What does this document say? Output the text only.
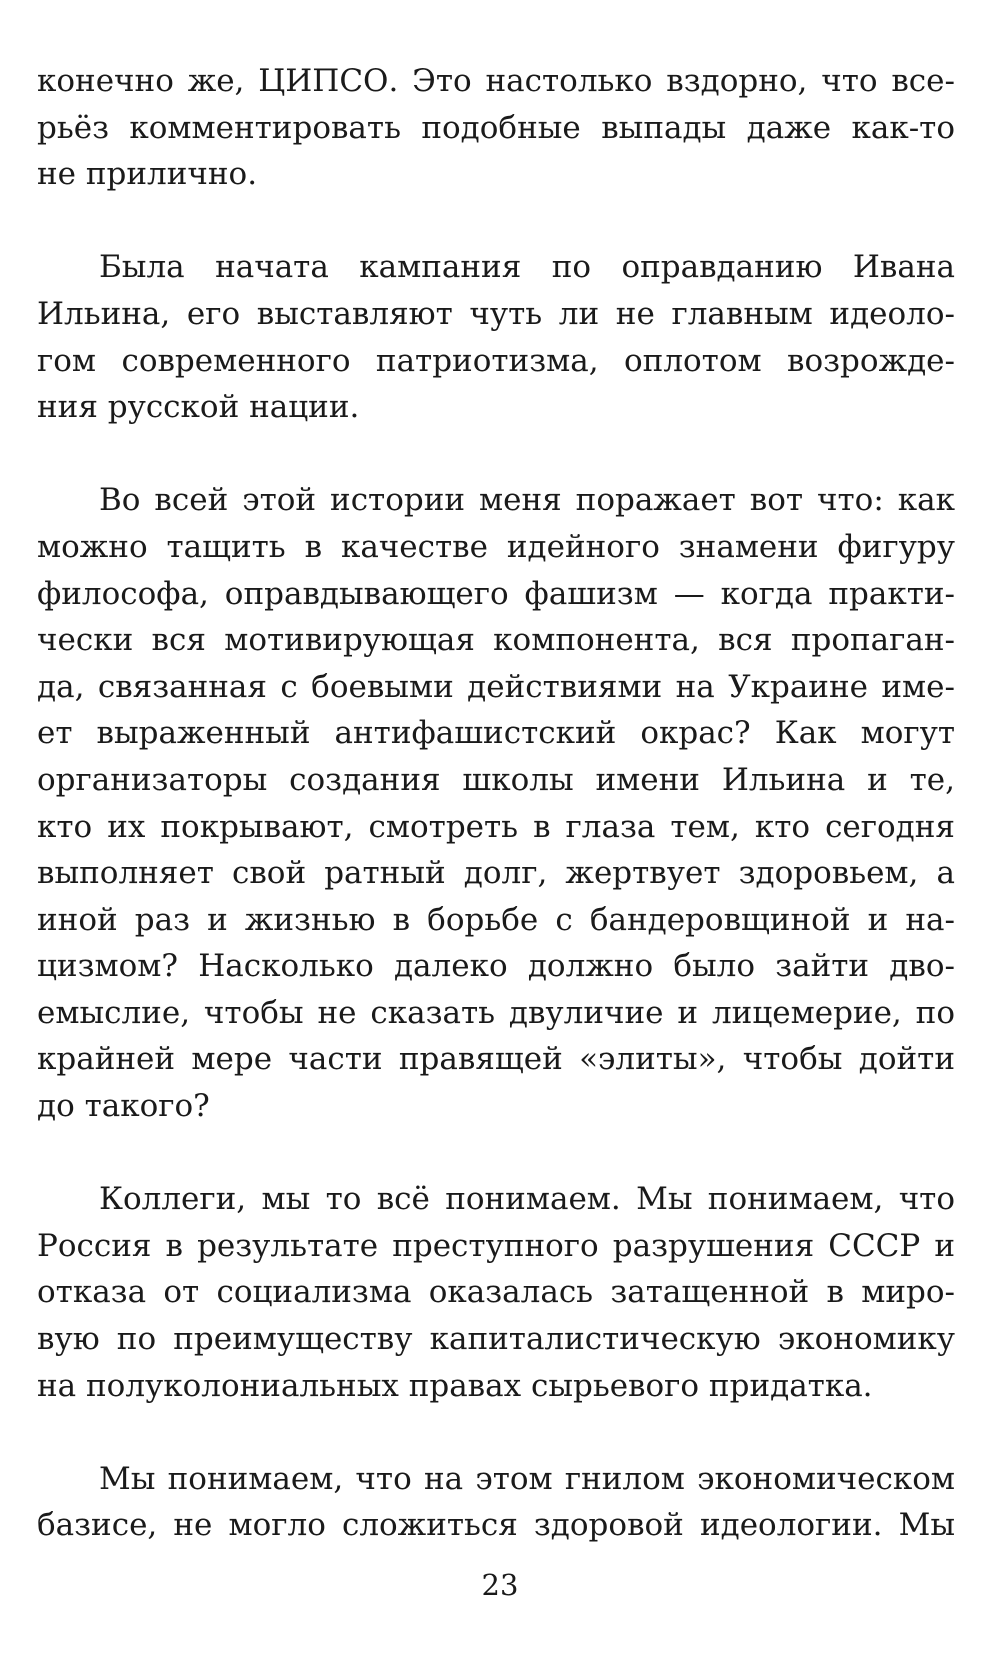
конечно же, ЦИПСО. Это настолько вздорно, что все-
рьёз комментировать подобные выпады даже как-то
не прилично.

Была начата кампания по оправданию Ивана
Ильина, его выставляют чуть ли не главным идеоло-
гом современного патриотизма, оплотом возрожде-
ния русской нации.

Во всей этой истории меня поражает вот что: как
можно тащить в качестве идейного знамени фигуру
философа, оправдывающего фашизм — когда практи-
чески вся мотивирующая компонента, вся пропаган-
да, связанная с боевыми действиями на Украине име-
ет выраженный антифашистский окрас? Как могут
организаторы создания школы имени Ильина и те,
кто их покрывают, смотреть в глаза тем, кто сегодня
выполняет свой ратный долг, жертвует здоровьем, а
иной раз и жизнью в борьбе с бандеровщиной и на-
цизмом? Насколько далеко должно было зайти дво-
емыслие, чтобы не сказать двуличие и лицемерие, по
крайней мере части правящей «элиты», чтобы дойти
до такого?

Коллеги, мы то всё понимаем. Мы понимаем, что
Россия в результате преступного разрушения СССР и
отказа от социализма оказалась затащенной в миро-
вую по преимуществу капиталистическую экономику
на полуколониальных правах сырьевого придатка.

Мы понимаем, что на этом гнилом экономическом
базисе, не могло сложиться здоровой идеологии. Мы

23
